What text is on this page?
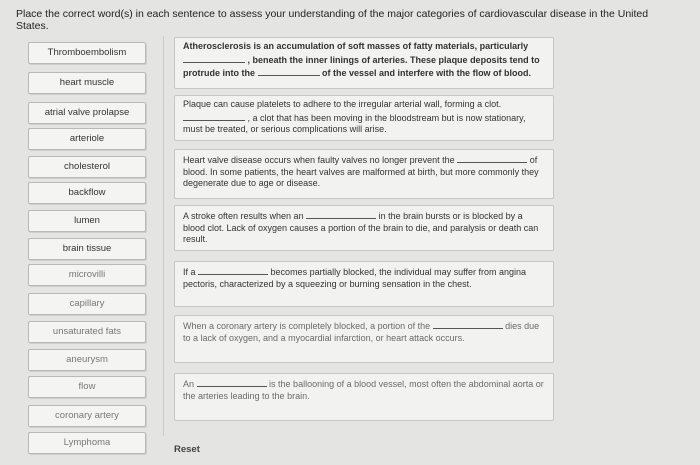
Place the correct word(s) in each sentence to assess your understanding of the major categories of cardiovascular disease in the United States.
Thromboembolism
heart muscle
atrial valve prolapse
arteriole
cholesterol
backflow
lumen
brain tissue
microvilli
capillary
unsaturated fats
aneurysm
flow
coronary artery
Lymphoma
Atherosclerosis is an accumulation of soft masses of fatty materials, particularly  , beneath the inner linings of arteries. These plaque deposits tend to protrude into the	of the vessel and interfere with the flow of blood.
Plaque can cause platelets to adhere to the irregular arterial wall, forming a clot.  , a clot that has been moving in the bloodstream but is now stationary, must be treated, or serious complications will arise.
Heart valve disease occurs when faulty valves no longer prevent the	of blood. In some patients, the heart valves are malformed at birth, but more commonly they degenerate due to age or disease.
A stroke often results when an	in the brain bursts or is blocked by a blood clot. Lack of oxygen causes a portion of the brain to die, and paralysis or death can result.
If a	becomes partially blocked, the individual may suffer from angina pectoris, characterized by a squeezing or burning sensation in the chest.
When a coronary artery is completely blocked, a portion of the	dies due to a lack of oxygen, and a myocardial infarction, or heart attack occurs.
An	is the ballooning of a blood vessel, most often the abdominal aorta or the arteries leading to the brain.
Reset
